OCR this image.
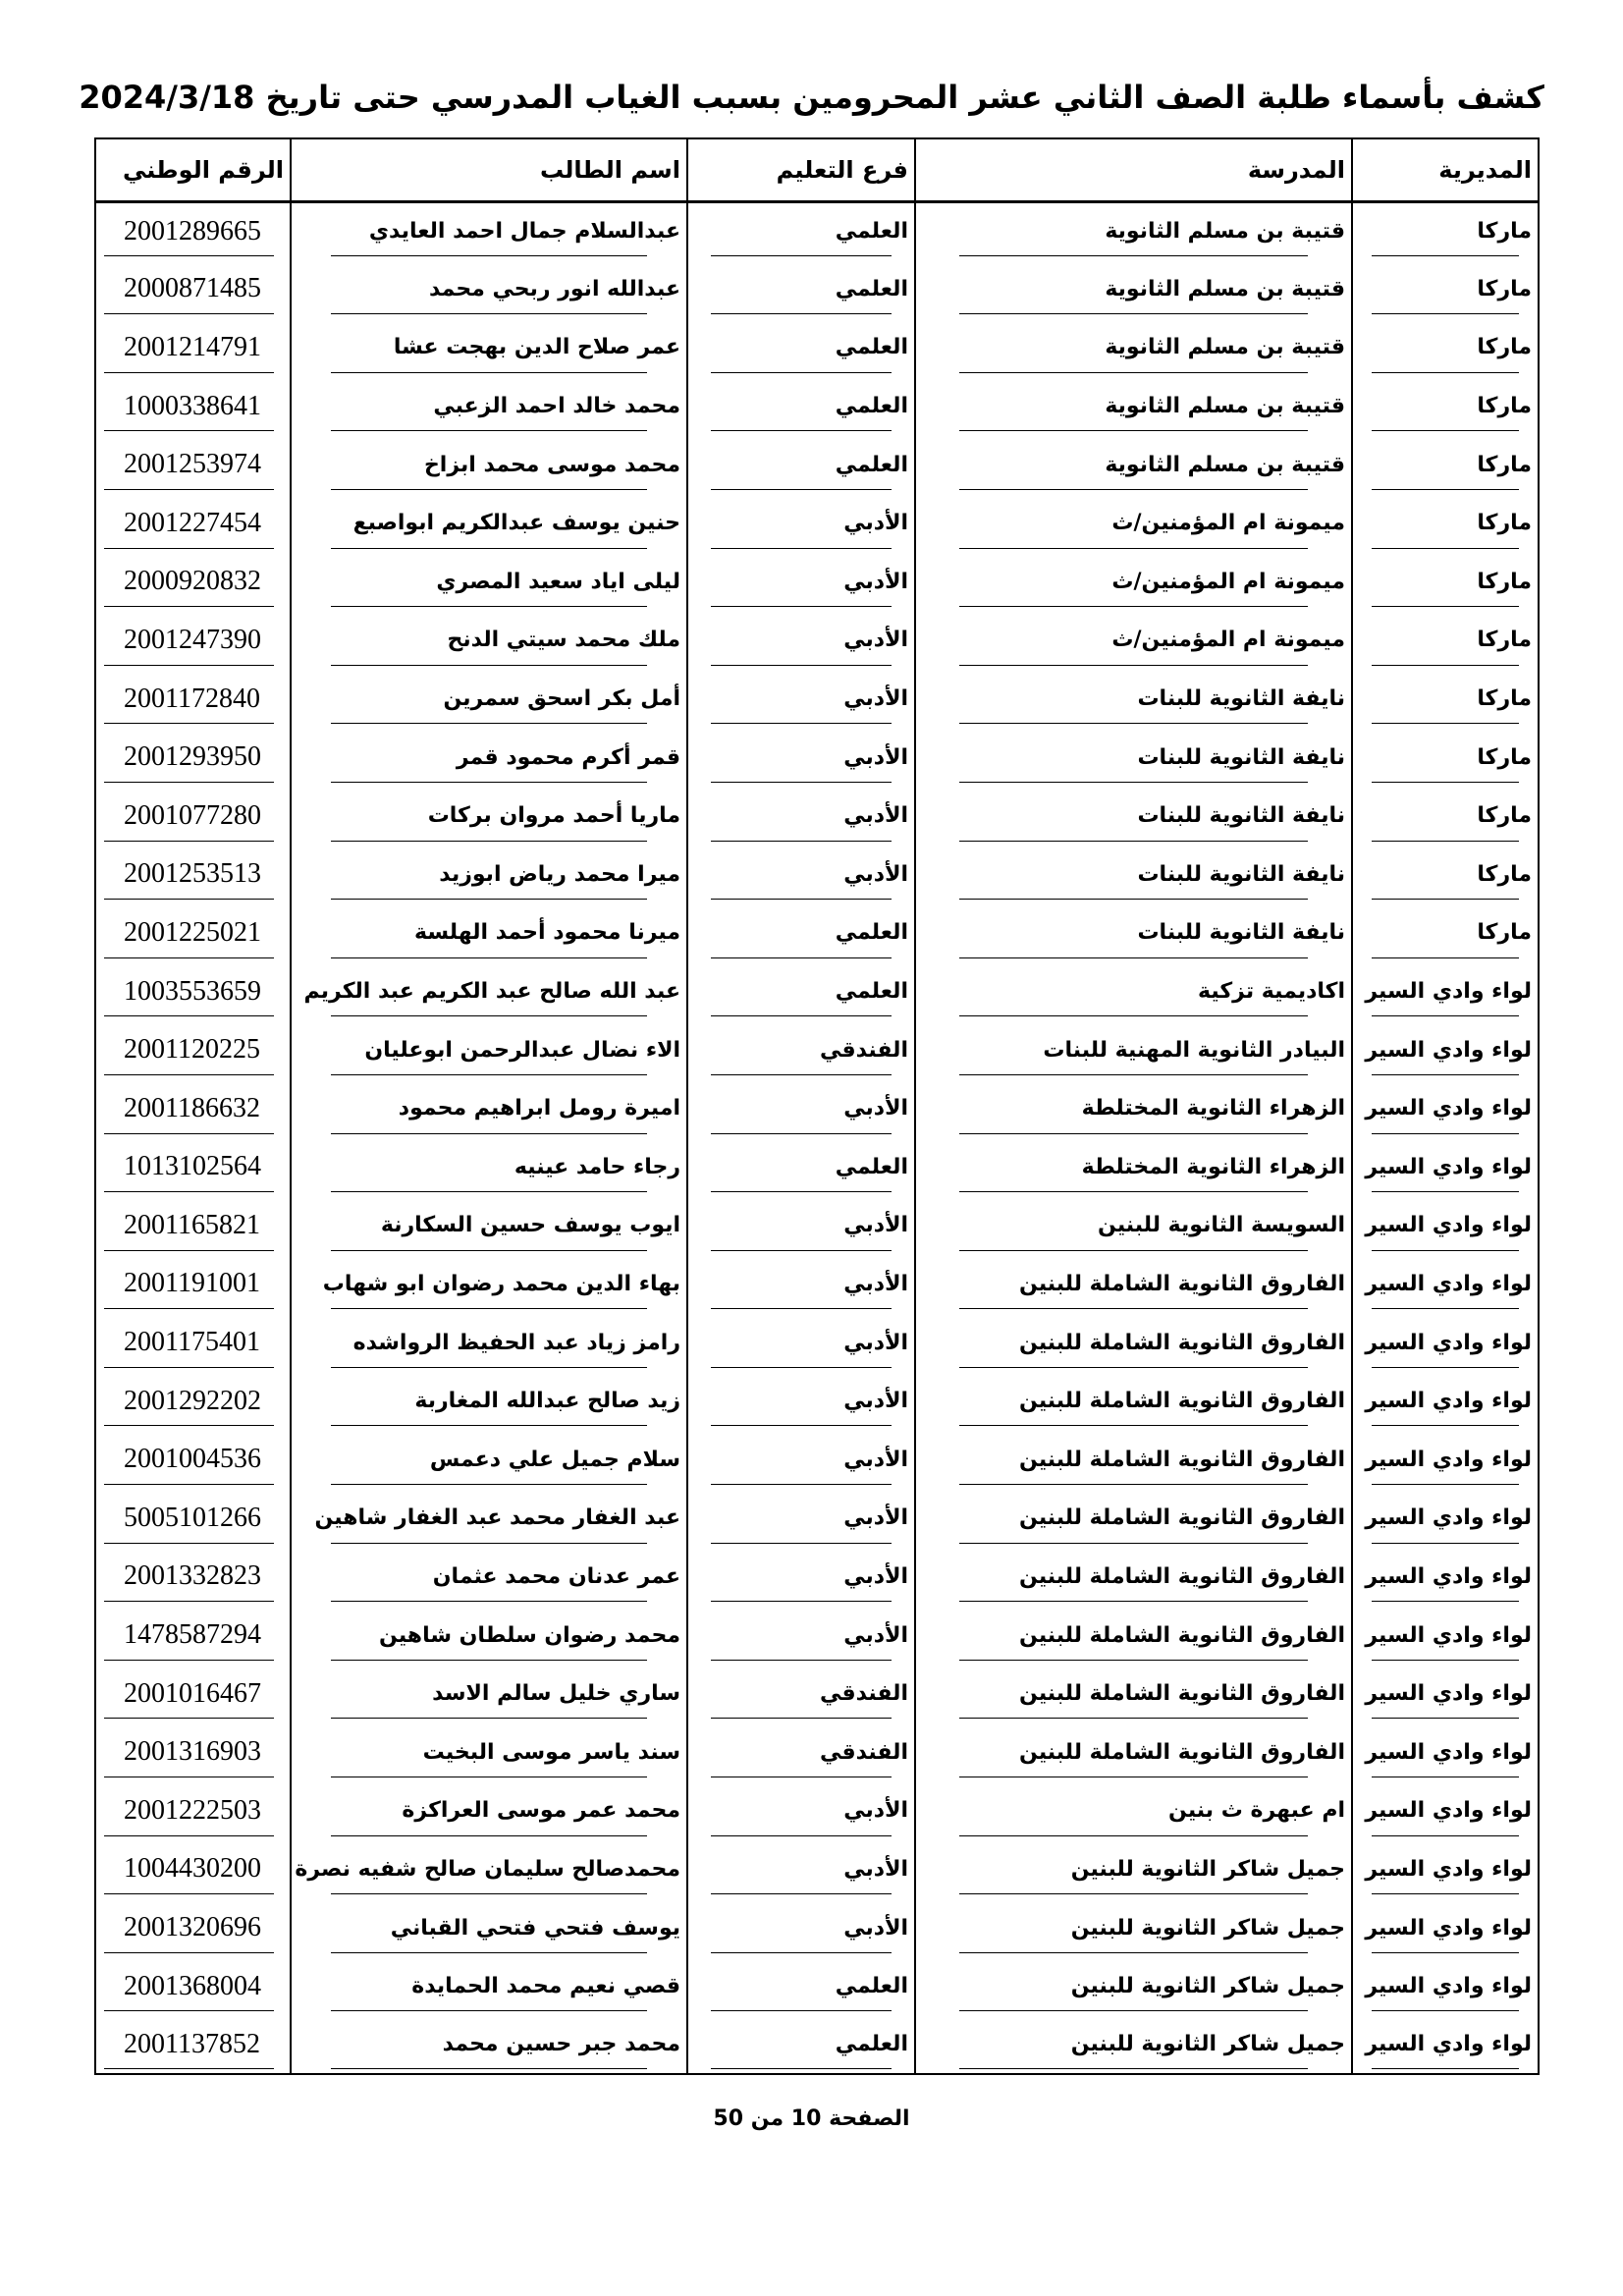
كشف بأسماء طلبة الصف الثاني عشر المحرومين بسبب الغياب المدرسي حتى تاريخ 2024/3/18
المديرية	المدرسة	فرع التعليم	اسم الطالب	الرقم الوطني
ماركا	قتيبة بن مسلم الثانوية	العلمي	عبدالسلام جمال احمد العايدي	2001289665
ماركا	قتيبة بن مسلم الثانوية	العلمي	عبدالله انور ربحي محمد	2000871485
ماركا	قتيبة بن مسلم الثانوية	العلمي	عمر صلاح الدين بهجت عشا	2001214791
ماركا	قتيبة بن مسلم الثانوية	العلمي	محمد خالد احمد الزعبي	1000338641
ماركا	قتيبة بن مسلم الثانوية	العلمي	محمد موسى محمد ابزاخ	2001253974
ماركا	ميمونة ام المؤمنين/ث	الأدبي	حنين يوسف عبدالكريم ابواصبع	2001227454
ماركا	ميمونة ام المؤمنين/ث	الأدبي	ليلى اياد سعيد المصري	2000920832
ماركا	ميمونة ام المؤمنين/ث	الأدبي	ملك محمد سيتي الدنح	2001247390
ماركا	نايفة الثانوية للبنات	الأدبي	أمل بكر اسحق سمرين	2001172840
ماركا	نايفة الثانوية للبنات	الأدبي	قمر أكرم محمود قمر	2001293950
ماركا	نايفة الثانوية للبنات	الأدبي	ماريا أحمد مروان بركات	2001077280
ماركا	نايفة الثانوية للبنات	الأدبي	ميرا محمد رياض ابوزيد	2001253513
ماركا	نايفة الثانوية للبنات	العلمي	ميرنا محمود أحمد الهلسة	2001225021
لواء وادي السير	اكاديمية تزكية	العلمي	عبد الله صالح عبد الكريم عبد الكريم	1003553659
لواء وادي السير	البيادر الثانوية المهنية للبنات	الفندقي	الاء نضال عبدالرحمن ابوعليان	2001120225
لواء وادي السير	الزهراء الثانوية المختلطة	الأدبي	اميرة رومل ابراهيم محمود	2001186632
لواء وادي السير	الزهراء الثانوية المختلطة	العلمي	رجاء حامد عينيه	1013102564
لواء وادي السير	السويسة الثانوية للبنين	الأدبي	ايوب يوسف حسين السكارنة	2001165821
لواء وادي السير	الفاروق الثانوية الشاملة للبنين	الأدبي	بهاء الدين محمد رضوان ابو شهاب	2001191001
لواء وادي السير	الفاروق الثانوية الشاملة للبنين	الأدبي	رامز زياد عبد الحفيظ الرواشده	2001175401
لواء وادي السير	الفاروق الثانوية الشاملة للبنين	الأدبي	زيد صالح عبدالله المغاربة	2001292202
لواء وادي السير	الفاروق الثانوية الشاملة للبنين	الأدبي	سلام جميل علي دعمس	2001004536
لواء وادي السير	الفاروق الثانوية الشاملة للبنين	الأدبي	عبد الغفار محمد عبد الغفار شاهين	5005101266
لواء وادي السير	الفاروق الثانوية الشاملة للبنين	الأدبي	عمر عدنان محمد عثمان	2001332823
لواء وادي السير	الفاروق الثانوية الشاملة للبنين	الأدبي	محمد رضوان سلطان شاهين	1478587294
لواء وادي السير	الفاروق الثانوية الشاملة للبنين	الفندقي	ساري خليل سالم الاسد	2001016467
لواء وادي السير	الفاروق الثانوية الشاملة للبنين	الفندقي	سند ياسر موسى البخيت	2001316903
لواء وادي السير	ام عبهرة ث بنين	الأدبي	محمد عمر موسى العراكزة	2001222503
لواء وادي السير	جميل شاكر الثانوية للبنين	الأدبي	محمدصالح سليمان صالح شفيه نصرة	1004430200
لواء وادي السير	جميل شاكر الثانوية للبنين	الأدبي	يوسف فتحي فتحي القباني	2001320696
لواء وادي السير	جميل شاكر الثانوية للبنين	العلمي	قصي نعيم محمد الحمايدة	2001368004
لواء وادي السير	جميل شاكر الثانوية للبنين	العلمي	محمد جبر حسين محمد	2001137852
الصفحة 10 من 50
